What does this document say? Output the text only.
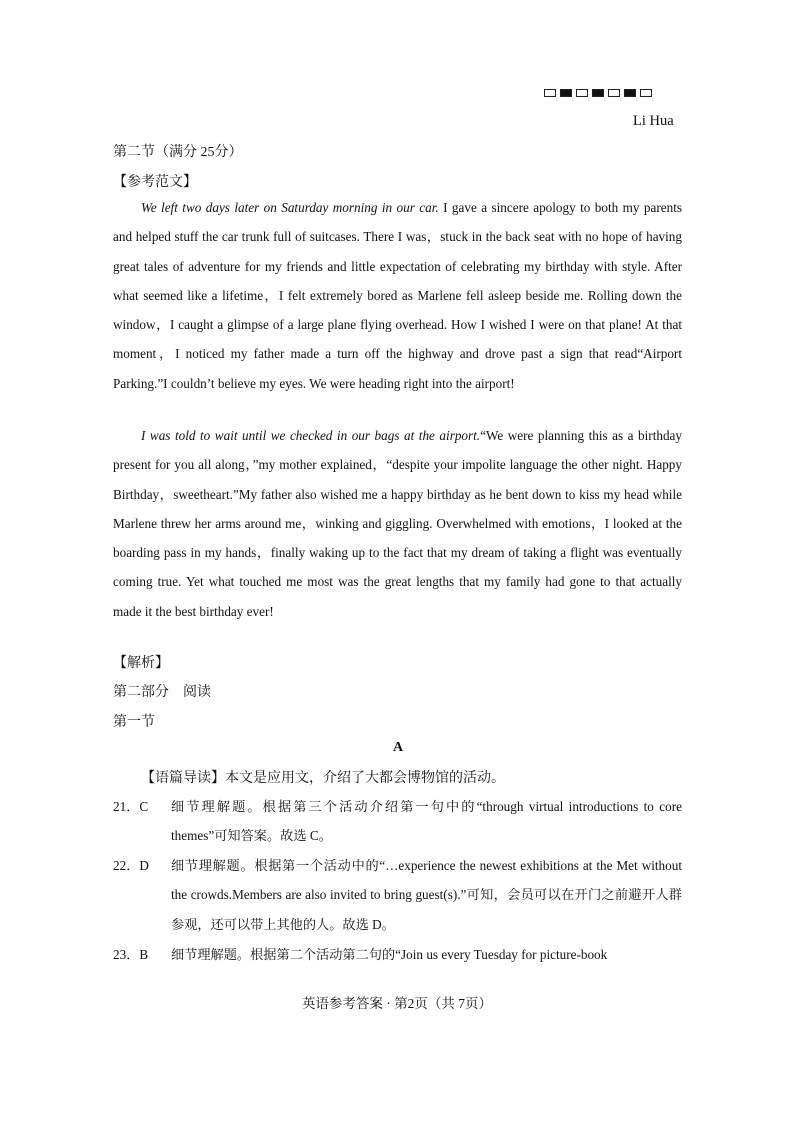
Li Hua
第二节（满分 25分）
【参考范文】

We left two days later on Saturday morning in our car. I gave a sincere apology to both my parents and helped stuff the car trunk full of suitcases. There I was，stuck in the back seat with no hope of having great tales of adventure for my friends and little expectation of celebrating my birthday with style. After what seemed like a lifetime，I felt extremely bored as Marlene fell asleep beside me. Rolling down the window，I caught a glimpse of a large plane flying overhead. How I wished I were on that plane! At that moment，I noticed my father made a turn off the highway and drove past a sign that read“Airport Parking.”I couldn’t believe my eyes. We were heading right into the airport!

I was told to wait until we checked in our bags at the airport.“We were planning this as a birthday present for you all along，”my mother explained，“despite your impolite language the other night. Happy Birthday，sweetheart.”My father also wished me a happy birthday as he bent down to kiss my head while Marlene threw her arms around me，winking and giggling. Overwhelmed with emotions，I looked at the boarding pass in my hands，finally waking up to the fact that my dream of taking a flight was eventually coming true. Yet what touched me most was the great lengths that my family had gone to that actually made it the best birthday ever!

【解析】
第二部分　阅读
第一节
A
【语篇导读】本文是应用文，介绍了大都会博物馆的活动。
21．C	细节理解题。根据第三个活动介绍第一句中的“through virtual introductions to core themes”可知答案。故选 C。
22．D	细节理解题。根据第一个活动中的“…experience the newest exhibitions at the Met without the crowds.Members are also invited to bring guest(s).”可知，会员可以在开门之前避开人群参观，还可以带上其他的人。故选 D。
23．B	细节理解题。根据第二个活动第二句的“Join us every Tuesday for picture-book
英语参考答案 · 第2页（共 7页）
